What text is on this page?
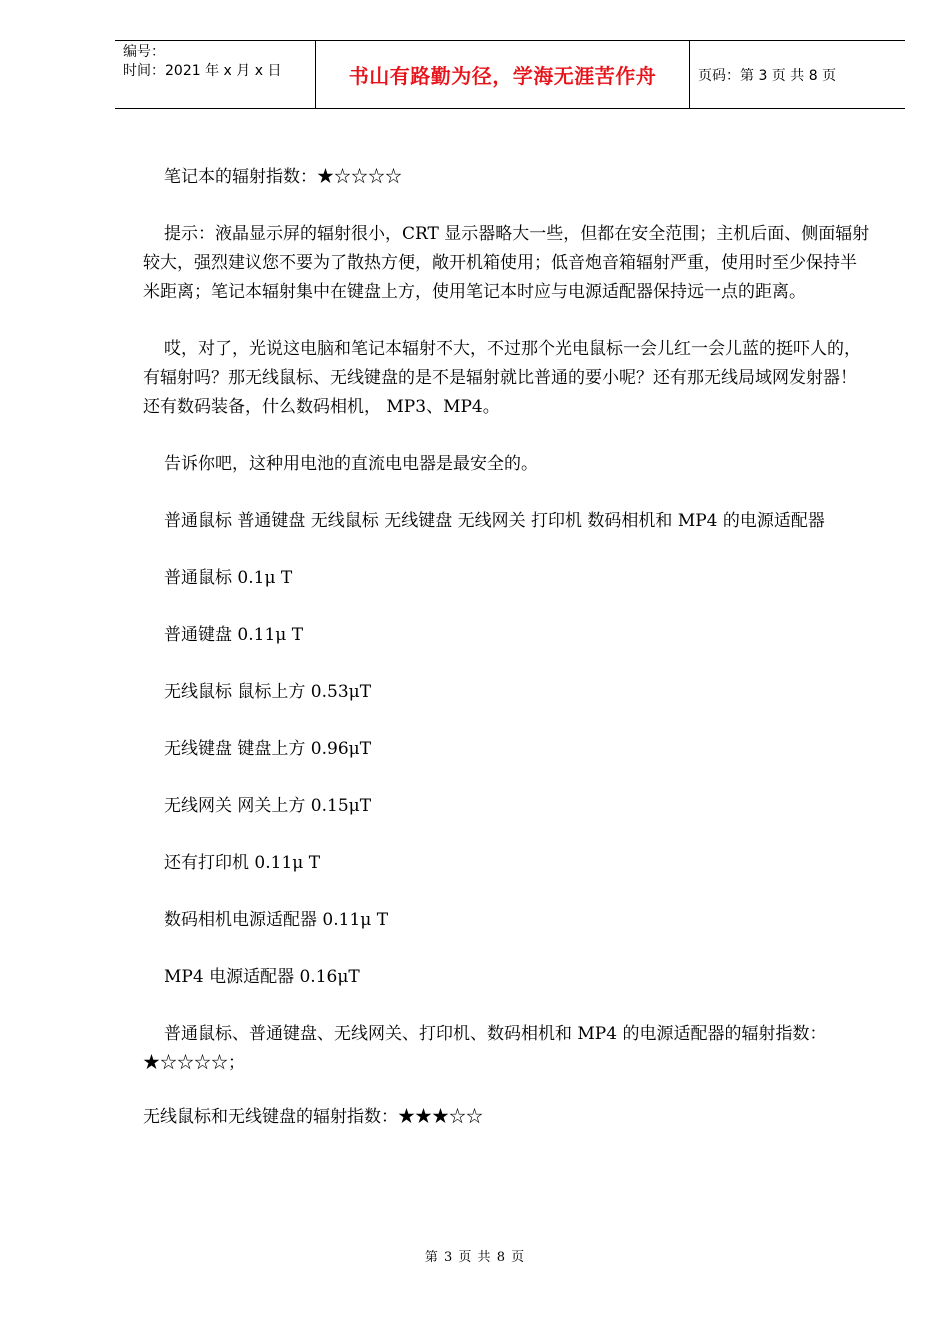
编号：
时间：2021 年 x 月 x 日	书山有路勤为径，学海无涯苦作舟	页码：第 3 页 共 8 页

笔记本的辐射指数：★☆☆☆☆

提示：液晶显示屏的辐射很小，CRT 显示器略大一些，但都在安全范围；主机后面、侧面辐射较大，强烈建议您不要为了散热方便，敞开机箱使用；低音炮音箱辐射严重，使用时至少保持半米距离；笔记本辐射集中在键盘上方，使用笔记本时应与电源适配器保持远一点的距离。

哎，对了，光说这电脑和笔记本辐射不大，不过那个光电鼠标一会儿红一会儿蓝的挺吓人的，有辐射吗？那无线鼠标、无线键盘的是不是辐射就比普通的要小呢？还有那无线局域网发射器！还有数码装备，什么数码相机， MP3、MP4。

告诉你吧，这种用电池的直流电电器是最安全的。

普通鼠标 普通键盘 无线鼠标 无线键盘 无线网关 打印机 数码相机和 MP4 的电源适配器

普通鼠标 0.1μ T

普通键盘 0.11μ T

无线鼠标 鼠标上方 0.53μT

无线键盘 键盘上方 0.96μT

无线网关 网关上方 0.15μT

还有打印机 0.11μ T

数码相机电源适配器 0.11μ T

MP4 电源适配器 0.16μT

普通鼠标、普通键盘、无线网关、打印机、数码相机和 MP4 的电源适配器的辐射指数：★☆☆☆☆；

无线鼠标和无线键盘的辐射指数：★★★☆☆

第 3 页 共 8 页
